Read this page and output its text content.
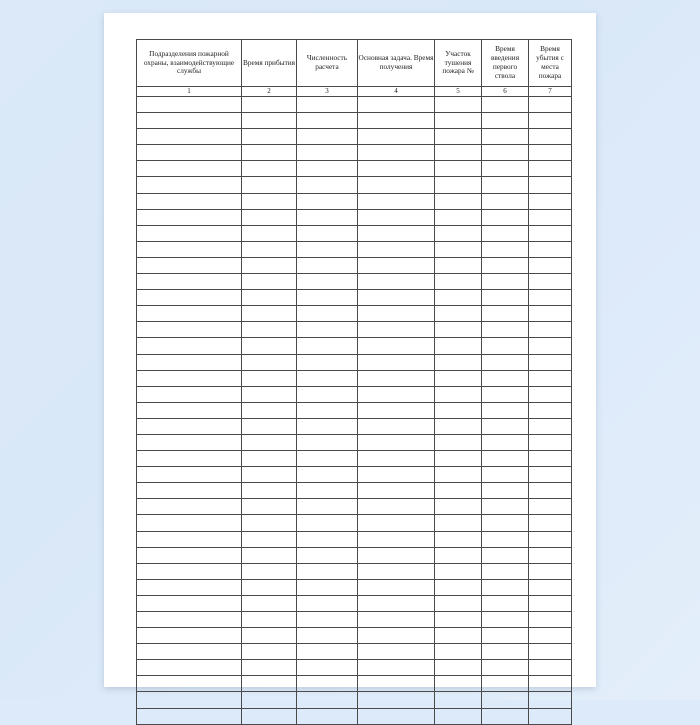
Подразделения пожарной охраны, взаимодействующие службы	Время прибытия	Численность расчета	Основная задача. Время получения	Участок тушения пожара №	Время введения первого ствола	Время убытия с места пожара
1	2	3	4	5	6	7
